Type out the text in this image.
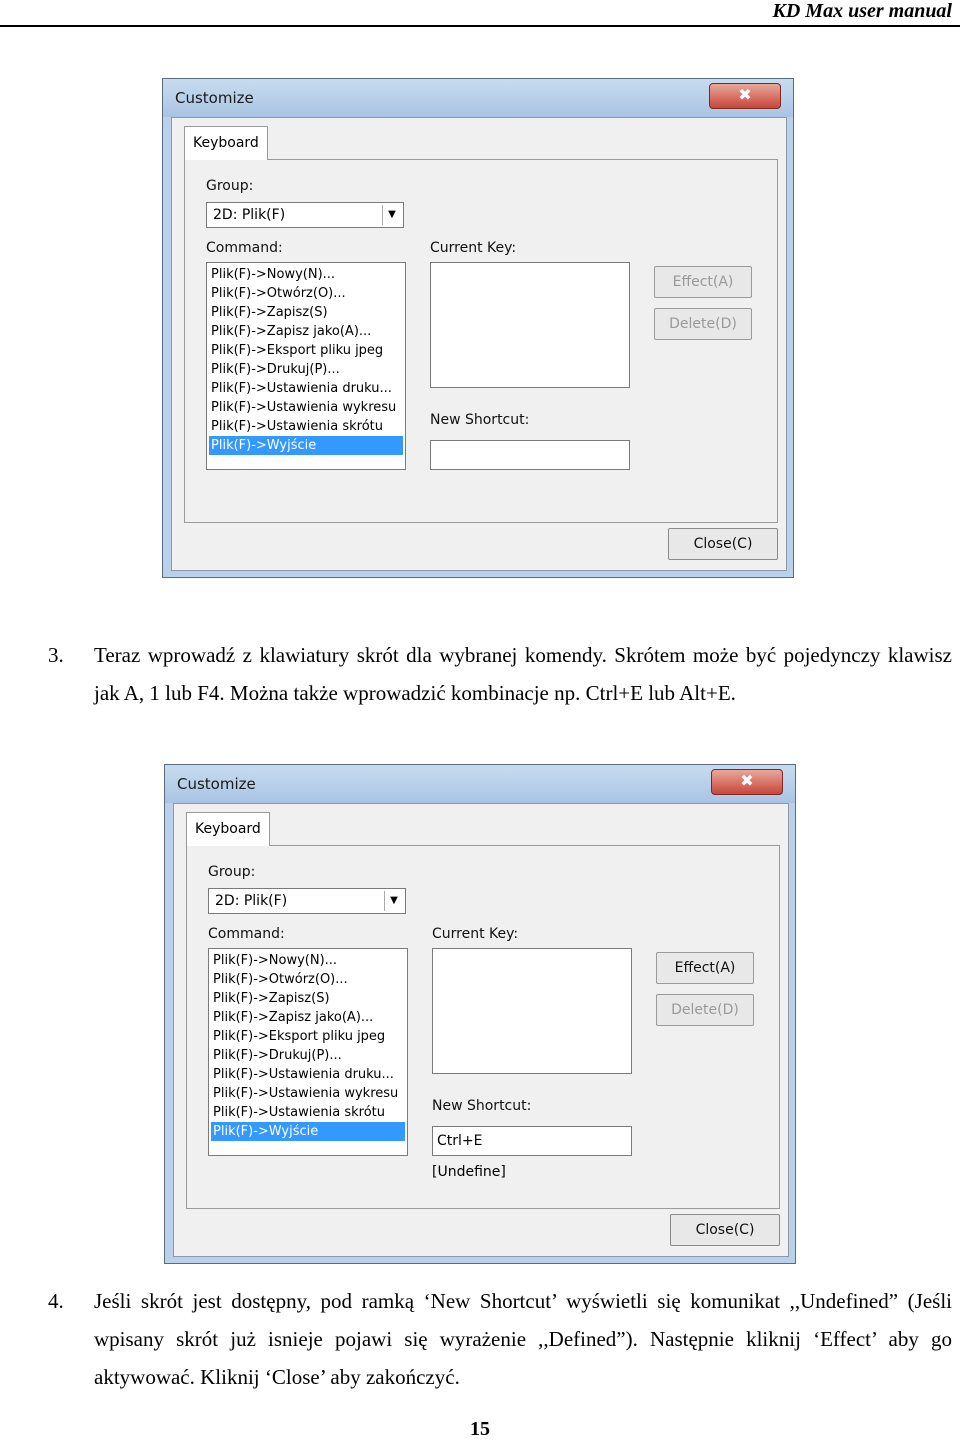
KD Max user manual
Customize	✖
Keyboard
Group:
2D: Plik(F)	▼
Command:
Plik(F)->Nowy(N)...
Plik(F)->Otwórz(O)...
Plik(F)->Zapisz(S)
Plik(F)->Zapisz jako(A)...
Plik(F)->Eksport pliku jpeg
Plik(F)->Drukuj(P)...
Plik(F)->Ustawienia druku...
Plik(F)->Ustawienia wykresu
Plik(F)->Ustawienia skrótu
Plik(F)->Wyjście
Current Key:
New Shortcut:
Effect(A)
Delete(D)
Close(C)
3. Teraz wprowadź z klawiatury skrót dla wybranej komendy. Skrótem może być pojedynczy klawisz jak A, 1 lub F4. Można także wprowadzić kombinacje np. Ctrl+E lub Alt+E.
Customize	✖
Keyboard
Group:
2D: Plik(F)	▼
Command:
Plik(F)->Nowy(N)...
Plik(F)->Otwórz(O)...
Plik(F)->Zapisz(S)
Plik(F)->Zapisz jako(A)...
Plik(F)->Eksport pliku jpeg
Plik(F)->Drukuj(P)...
Plik(F)->Ustawienia druku...
Plik(F)->Ustawienia wykresu
Plik(F)->Ustawienia skrótu
Plik(F)->Wyjście
Current Key:
New Shortcut:
Ctrl+E
[Undefine]
Effect(A)
Delete(D)
Close(C)
4. Jeśli skrót jest dostępny, pod ramką ‘New Shortcut’ wyświetli się komunikat ,,Undefined” (Jeśli wpisany skrót już isnieje pojawi się wyrażenie ,,Defined”). Następnie kliknij ‘Effect’ aby go aktywować. Kliknij ‘Close’ aby zakończyć.
15
